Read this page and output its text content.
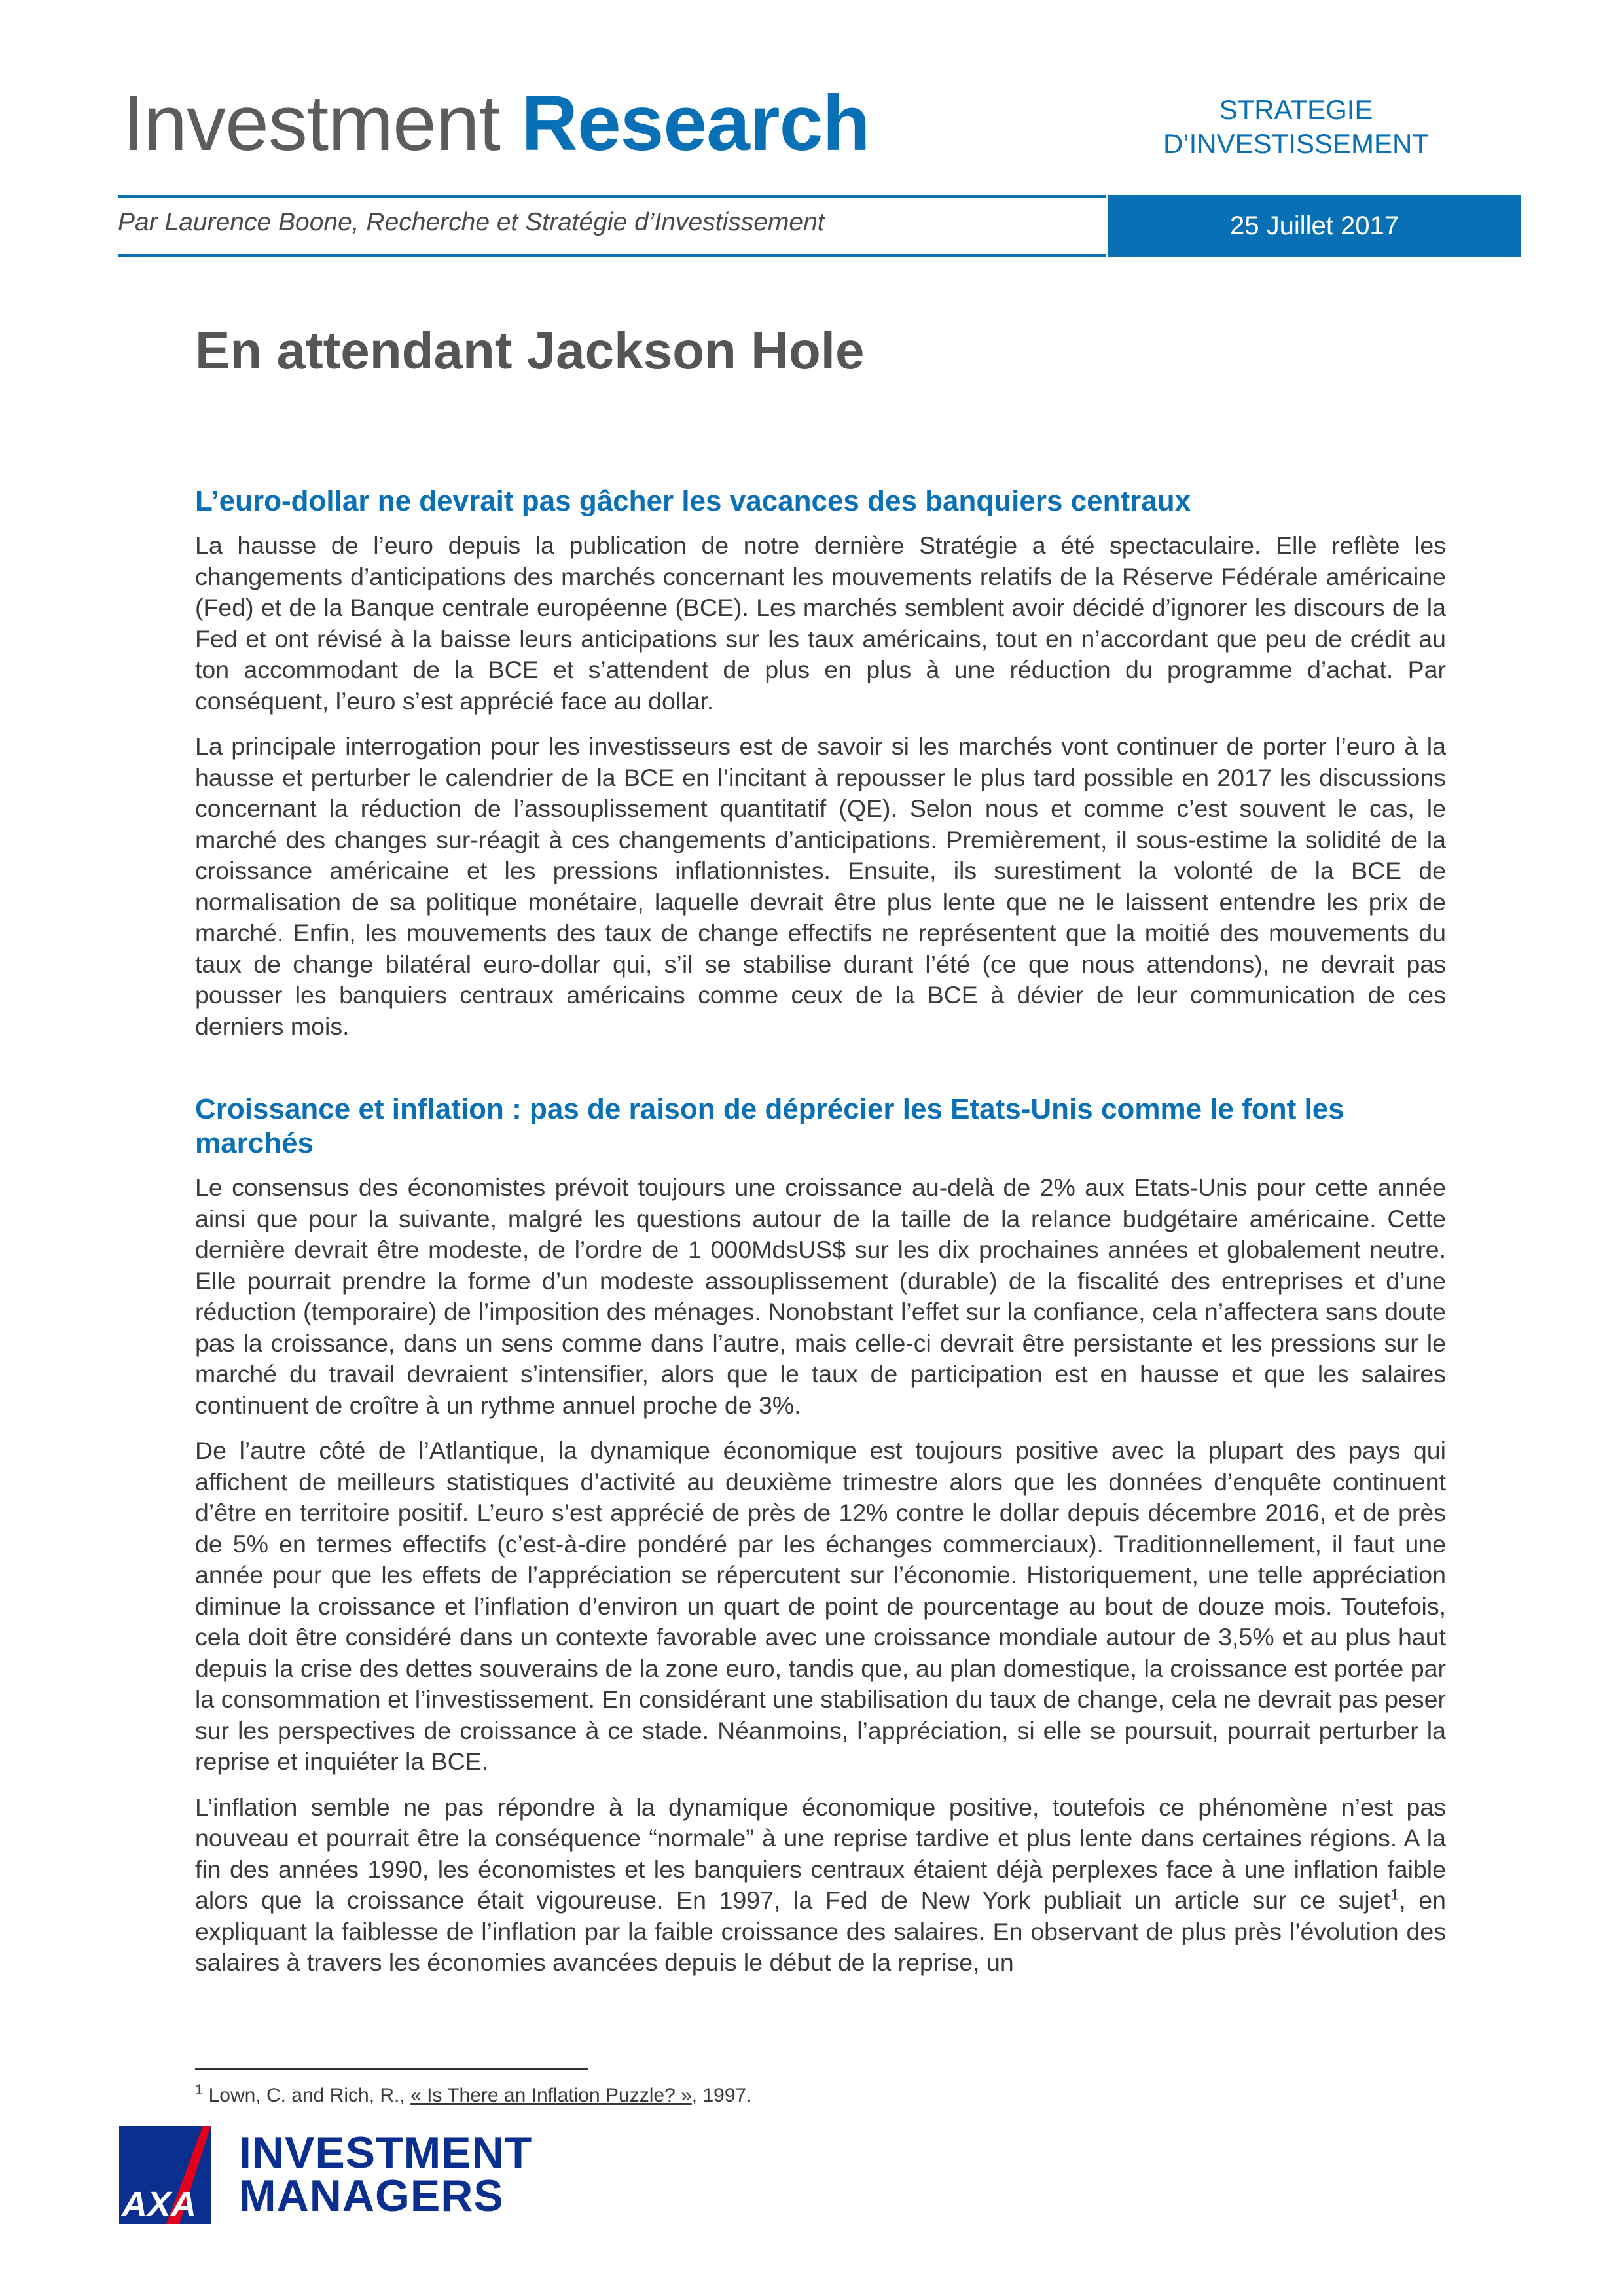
Investment Research	STRATEGIE
D’INVESTISSEMENT
Par Laurence Boone, Recherche et Stratégie d’Investissement	25 Juillet 2017
En attendant Jackson Hole
L’euro-dollar ne devrait pas gâcher les vacances des banquiers centraux

La hausse de l’euro depuis la publication de notre dernière Stratégie a été spectaculaire. Elle reflète les changements d’anticipations des marchés concernant les mouvements relatifs de la Réserve Fédérale américaine (Fed) et de la Banque centrale européenne (BCE). Les marchés semblent avoir décidé d’ignorer les discours de la Fed et ont révisé à la baisse leurs anticipations sur les taux américains, tout en n’accordant que peu de crédit au ton accommodant de la BCE et s’attendent de plus en plus à une réduction du programme d’achat. Par conséquent, l’euro s’est apprécié face au dollar.

La principale interrogation pour les investisseurs est de savoir si les marchés vont continuer de porter l’euro à la hausse et perturber le calendrier de la BCE en l’incitant à repousser le plus tard possible en 2017 les discussions concernant la réduction de l’assouplissement quantitatif (QE). Selon nous et comme c’est souvent le cas, le marché des changes sur-réagit à ces changements d’anticipations. Premièrement, il sous-estime la solidité de la croissance américaine et les pressions inflationnistes. Ensuite, ils surestiment la volonté de la BCE de normalisation de sa politique monétaire, laquelle devrait être plus lente que ne le laissent entendre les prix de marché. Enfin, les mouvements des taux de change effectifs ne représentent que la moitié des mouvements du taux de change bilatéral euro-dollar qui, s’il se stabilise durant l’été (ce que nous attendons), ne devrait pas pousser les banquiers centraux américains comme ceux de la BCE à dévier de leur communication de ces derniers mois.

Croissance et inflation : pas de raison de déprécier les Etats-Unis comme le font les marchés

Le consensus des économistes prévoit toujours une croissance au-delà de 2% aux Etats-Unis pour cette année ainsi que pour la suivante, malgré les questions autour de la taille de la relance budgétaire américaine. Cette dernière devrait être modeste, de l’ordre de 1 000MdsUS$ sur les dix prochaines années et globalement neutre. Elle pourrait prendre la forme d’un modeste assouplissement (durable) de la fiscalité des entreprises et d’une réduction (temporaire) de l’imposition des ménages. Nonobstant l’effet sur la confiance, cela n’affectera sans doute pas la croissance, dans un sens comme dans l’autre, mais celle-ci devrait être persistante et les pressions sur le marché du travail devraient s’intensifier, alors que le taux de participation est en hausse et que les salaires continuent de croître à un rythme annuel proche de 3%.

De l’autre côté de l’Atlantique, la dynamique économique est toujours positive avec la plupart des pays qui affichent de meilleurs statistiques d’activité au deuxième trimestre alors que les données d’enquête continuent d’être en territoire positif. L’euro s’est apprécié de près de 12% contre le dollar depuis décembre 2016, et de près de 5% en termes effectifs (c’est-à-dire pondéré par les échanges commerciaux). Traditionnellement, il faut une année pour que les effets de l’appréciation se répercutent sur l’économie. Historiquement, une telle appréciation diminue la croissance et l’inflation d’environ un quart de point de pourcentage au bout de douze mois. Toutefois, cela doit être considéré dans un contexte favorable avec une croissance mondiale autour de 3,5% et au plus haut depuis la crise des dettes souverains de la zone euro, tandis que, au plan domestique, la croissance est portée par la consommation et l’investissement. En considérant une stabilisation du taux de change, cela ne devrait pas peser sur les perspectives de croissance à ce stade. Néanmoins, l’appréciation, si elle se poursuit, pourrait perturber la reprise et inquiéter la BCE.

L’inflation semble ne pas répondre à la dynamique économique positive, toutefois ce phénomène n’est pas nouveau et pourrait être la conséquence “normale” à une reprise tardive et plus lente dans certaines régions. A la fin des années 1990, les économistes et les banquiers centraux étaient déjà perplexes face à une inflation faible alors que la croissance était vigoureuse. En 1997, la Fed de New York publiait un article sur ce sujet$^1$, en expliquant la faiblesse de l’inflation par la faible croissance des salaires. En observant de plus près l’évolution des salaires à travers les économies avancées depuis le début de la reprise, un

$^1$ Lown, C. and Rich, R., « Is There an Inflation Puzzle? », 1997.
AXA
INVESTMENT
MANAGERS
